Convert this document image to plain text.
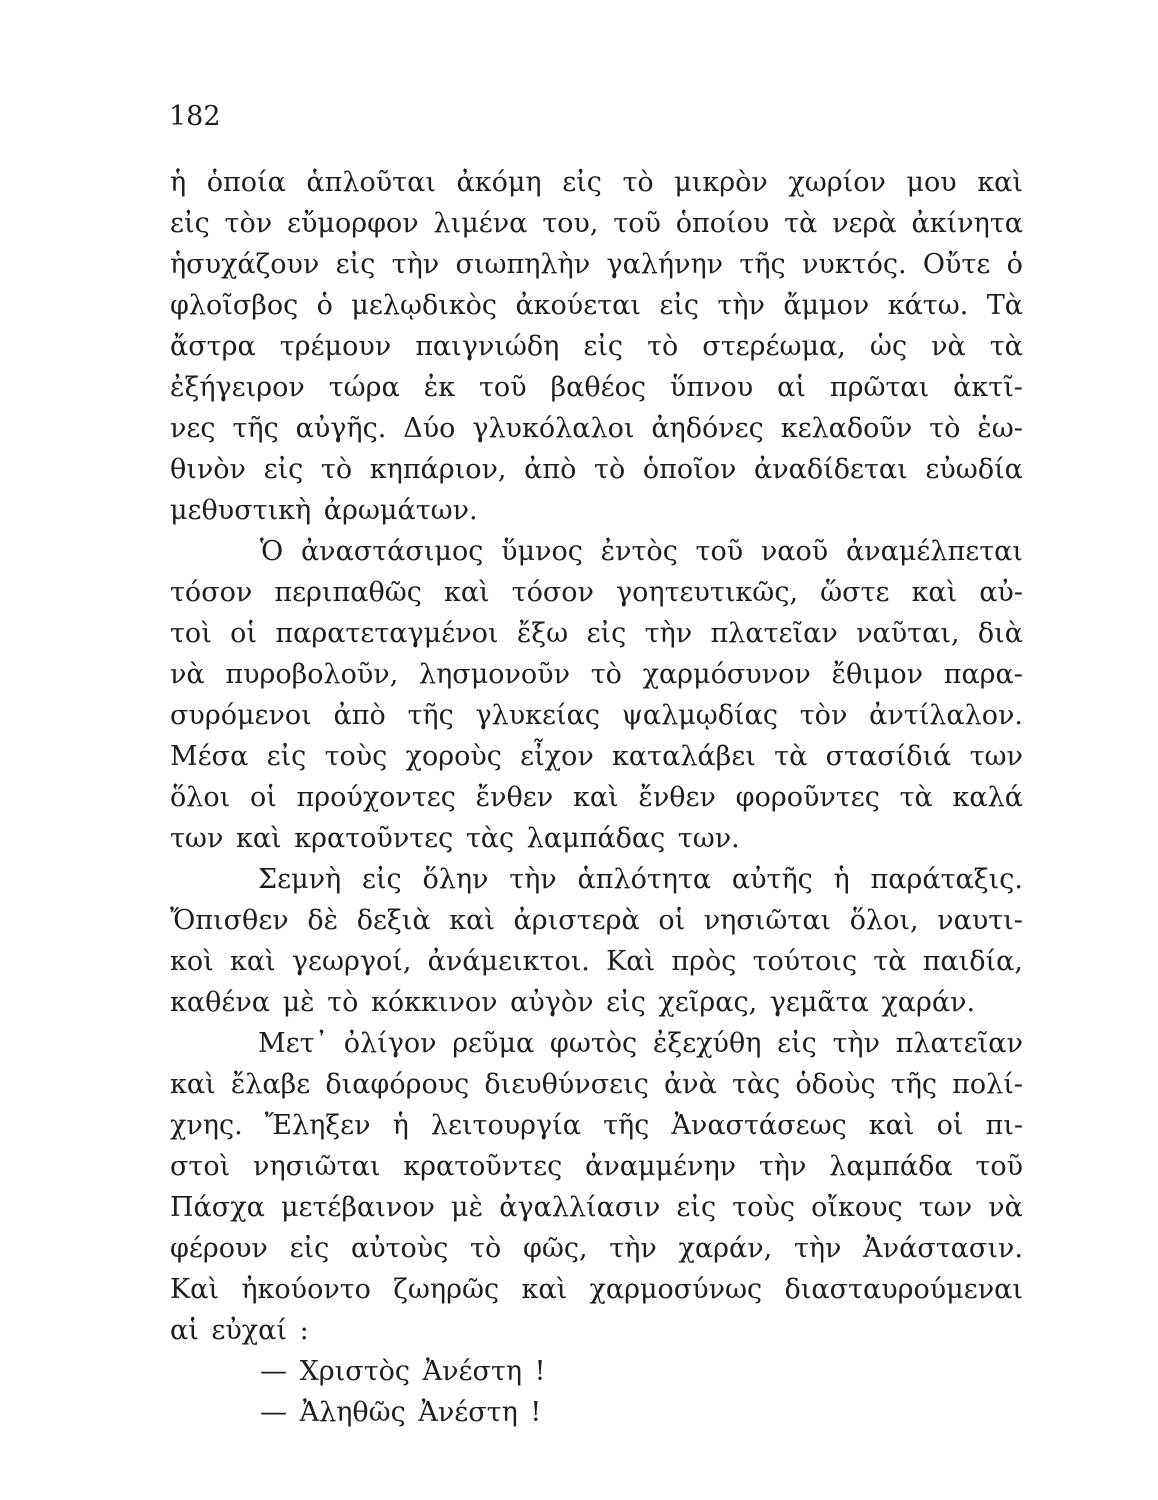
182

ἡ ὁποία ἁπλοῦται ἀκόμη εἰς τὸ μικρὸν χωρίον μου καὶ
εἰς τὸν εὔμορφον λιμένα του, τοῦ ὁποίου τὰ νερὰ ἀκίνητα
ἡσυχάζουν εἰς τὴν σιωπηλὴν γαλήνην τῆς νυκτός. Οὔτε ὁ
φλοῖσβος ὁ μελῳδικὸς ἀκούεται εἰς τὴν ἄμμον κάτω. Τὰ
ἄστρα τρέμουν παιγνιώδη εἰς τὸ στερέωμα, ὡς νὰ τὰ
ἐξήγειρον τώρα ἐκ τοῦ βαθέος ὕπνου αἱ πρῶται ἀκτῖ-
νες τῆς αὐγῆς. Δύο γλυκόλαλοι ἀηδόνες κελαδοῦν τὸ ἑω-
θινὸν εἰς τὸ κηπάριον, ἀπὸ τὸ ὁποῖον ἀναδίδεται εὐωδία
μεθυστικὴ ἀρωμάτων.
Ὁ ἀναστάσιμος ὕμνος ἐντὸς τοῦ ναοῦ ἀναμέλπεται
τόσον περιπαθῶς καὶ τόσον γοητευτικῶς, ὥστε καὶ αὐ-
τοὶ οἱ παρατεταγμένοι ἔξω εἰς τὴν πλατεῖαν ναῦται, διὰ
νὰ πυροβολοῦν, λησμονοῦν τὸ χαρμόσυνον ἔθιμον παρα-
συρόμενοι ἀπὸ τῆς γλυκείας ψαλμῳδίας τὸν ἀντίλαλον.
Μέσα εἰς τοὺς χοροὺς εἶχον καταλάβει τὰ στασίδιά των
ὅλοι οἱ προύχοντες ἔνθεν καὶ ἔνθεν φοροῦντες τὰ καλά
των καὶ κρατοῦντες τὰς λαμπάδας των.
Σεμνὴ εἰς ὅλην τὴν ἁπλότητα αὐτῆς ἡ παράταξις.
Ὄπισθεν δὲ δεξιὰ καὶ ἀριστερὰ οἱ νησιῶται ὅλοι, ναυτι-
κοὶ καὶ γεωργοί, ἀνάμεικτοι. Καὶ πρὸς τούτοις τὰ παιδία,
καθένα μὲ τὸ κόκκινον αὐγὸν εἰς χεῖρας, γεμᾶτα χαράν.
Μετ᾽ ὀλίγον ρεῦμα φωτὸς ἐξεχύθη εἰς τὴν πλατεῖαν
καὶ ἔλαβε διαφόρους διευθύνσεις ἀνὰ τὰς ὁδοὺς τῆς πολί-
χνης. Ἔληξεν ἡ λειτουργία τῆς Ἀναστάσεως καὶ οἱ πι-
στοὶ νησιῶται κρατοῦντες ἀναμμένην τὴν λαμπάδα τοῦ
Πάσχα μετέβαινον μὲ ἀγαλλίασιν εἰς τοὺς οἴκους των νὰ
φέρουν εἰς αὐτοὺς τὸ φῶς, τὴν χαράν, τὴν Ἀνάστασιν.
Καὶ ἠκούοντο ζωηρῶς καὶ χαρμοσύνως διασταυρούμεναι
αἱ εὐχαί :
— Χριστὸς Ἀνέστη !
— Ἀληθῶς Ἀνέστη !
